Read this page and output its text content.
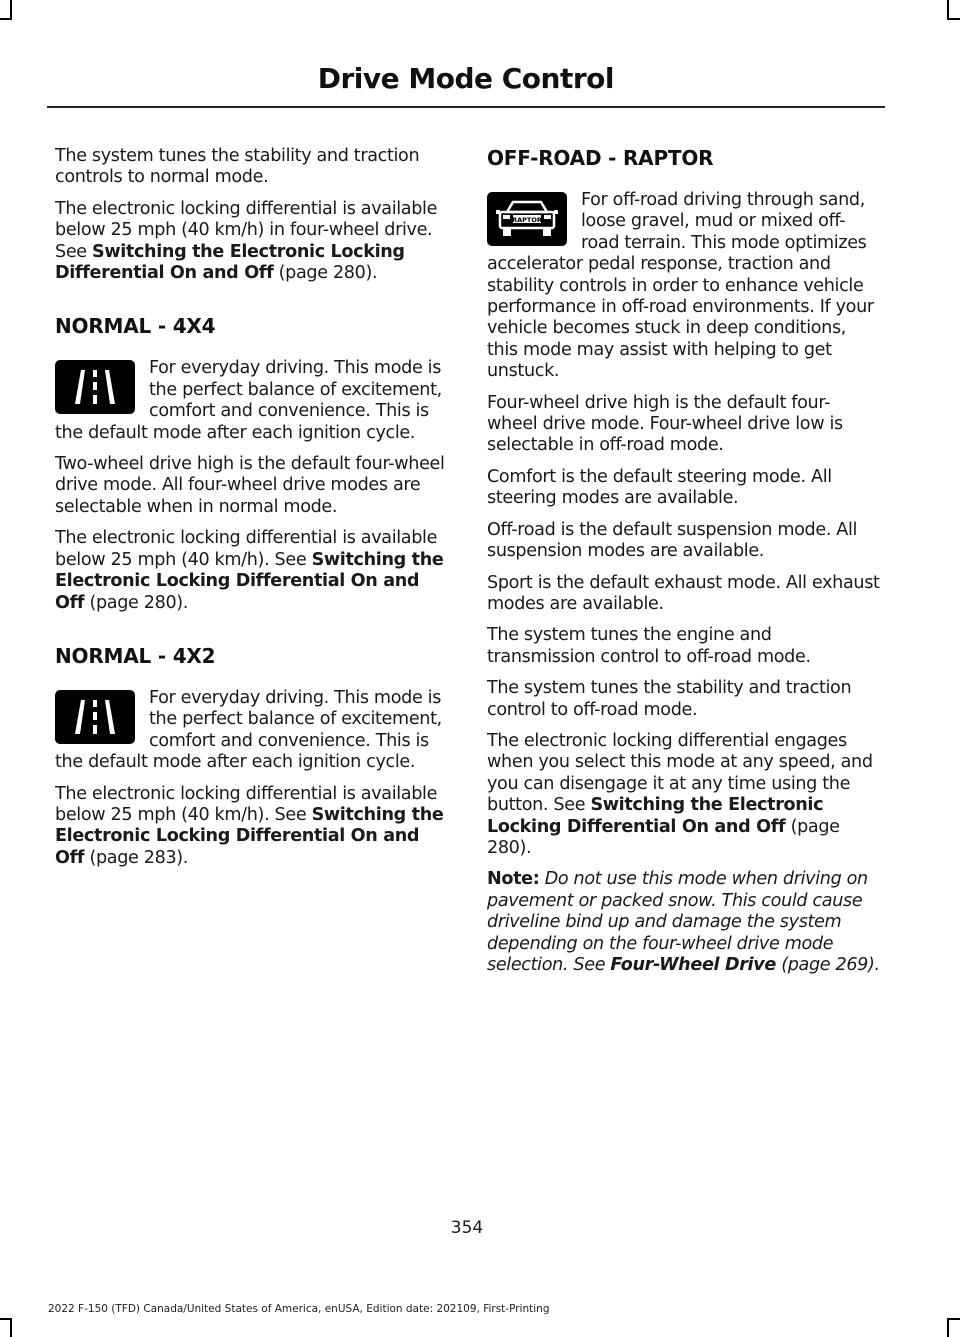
Drive Mode Control

The system tunes the stability and traction controls to normal mode.

The electronic locking differential is available below 25 mph (40 km/h) in four-wheel drive. See Switching the Electronic Locking Differential On and Off (page 280).

NORMAL - 4X4

For everyday driving. This mode is the perfect balance of excitement, comfort and convenience. This is the default mode after each ignition cycle.

Two-wheel drive high is the default four-wheel drive mode. All four-wheel drive modes are selectable when in normal mode.

The electronic locking differential is available below 25 mph (40 km/h). See Switching the Electronic Locking Differential On and Off (page 280).

NORMAL - 4X2

For everyday driving. This mode is the perfect balance of excitement, comfort and convenience. This is the default mode after each ignition cycle.

The electronic locking differential is available below 25 mph (40 km/h). See Switching the Electronic Locking Differential On and Off (page 283).

OFF-ROAD - RAPTOR
RAPTOR

For off-road driving through sand, loose gravel, mud or mixed off-road terrain. This mode optimizes accelerator pedal response, traction and stability controls in order to enhance vehicle performance in off-road environments. If your vehicle becomes stuck in deep conditions, this mode may assist with helping to get unstuck.

Four-wheel drive high is the default four-wheel drive mode. Four-wheel drive low is selectable in off-road mode.

Comfort is the default steering mode. All steering modes are available.

Off-road is the default suspension mode. All suspension modes are available.

Sport is the default exhaust mode. All exhaust modes are available.

The system tunes the engine and transmission control to off-road mode.

The system tunes the stability and traction control to off-road mode.

The electronic locking differential engages when you select this mode at any speed, and you can disengage it at any time using the button. See Switching the Electronic Locking Differential On and Off (page 280).

Note: Do not use this mode when driving on pavement or packed snow. This could cause driveline bind up and damage the system depending on the four-wheel drive mode selection. See Four-Wheel Drive (page 269).

354
2022 F-150 (TFD) Canada/United States of America, enUSA, Edition date: 202109, First-Printing
